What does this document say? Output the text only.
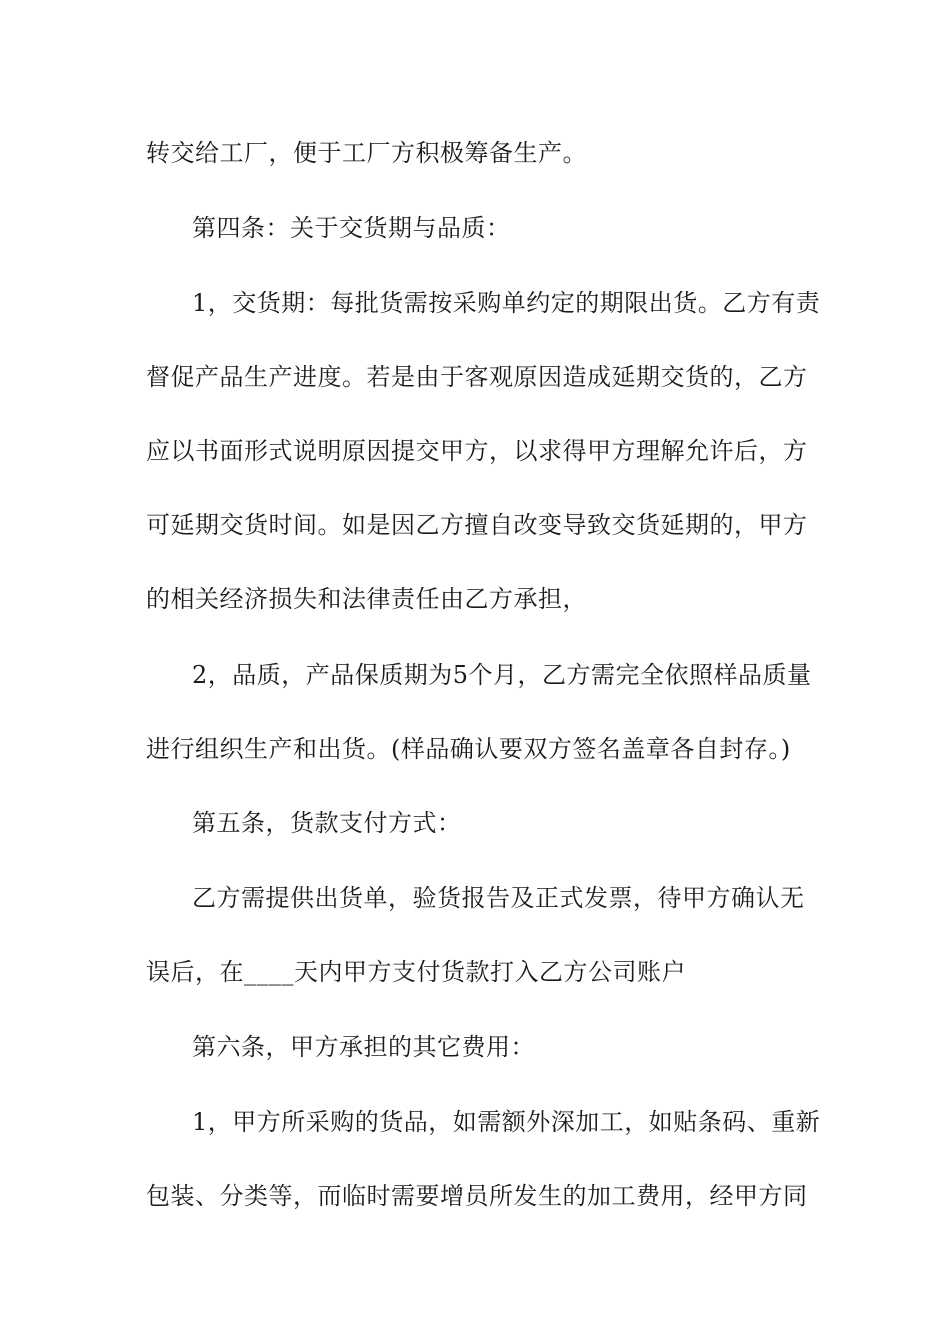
转交给工厂，便于工厂方积极筹备生产。
第四条：关于交货期与品质：
1，交货期：每批货需按采购单约定的期限出货。乙方有责
督促产品生产进度。若是由于客观原因造成延期交货的，乙方
应以书面形式说明原因提交甲方，以求得甲方理解允许后，方
可延期交货时间。如是因乙方擅自改变导致交货延期的，甲方
的相关经济损失和法律责任由乙方承担，
2，品质，产品保质期为5个月，乙方需完全依照样品质量
进行组织生产和出货。(样品确认要双方签名盖章各自封存。)
第五条，货款支付方式：
乙方需提供出货单，验货报告及正式发票，待甲方确认无
误后，在____天内甲方支付货款打入乙方公司账户
第六条，甲方承担的其它费用：
1，甲方所采购的货品，如需额外深加工，如贴条码、重新
包装、分类等，而临时需要增员所发生的加工费用，经甲方同
